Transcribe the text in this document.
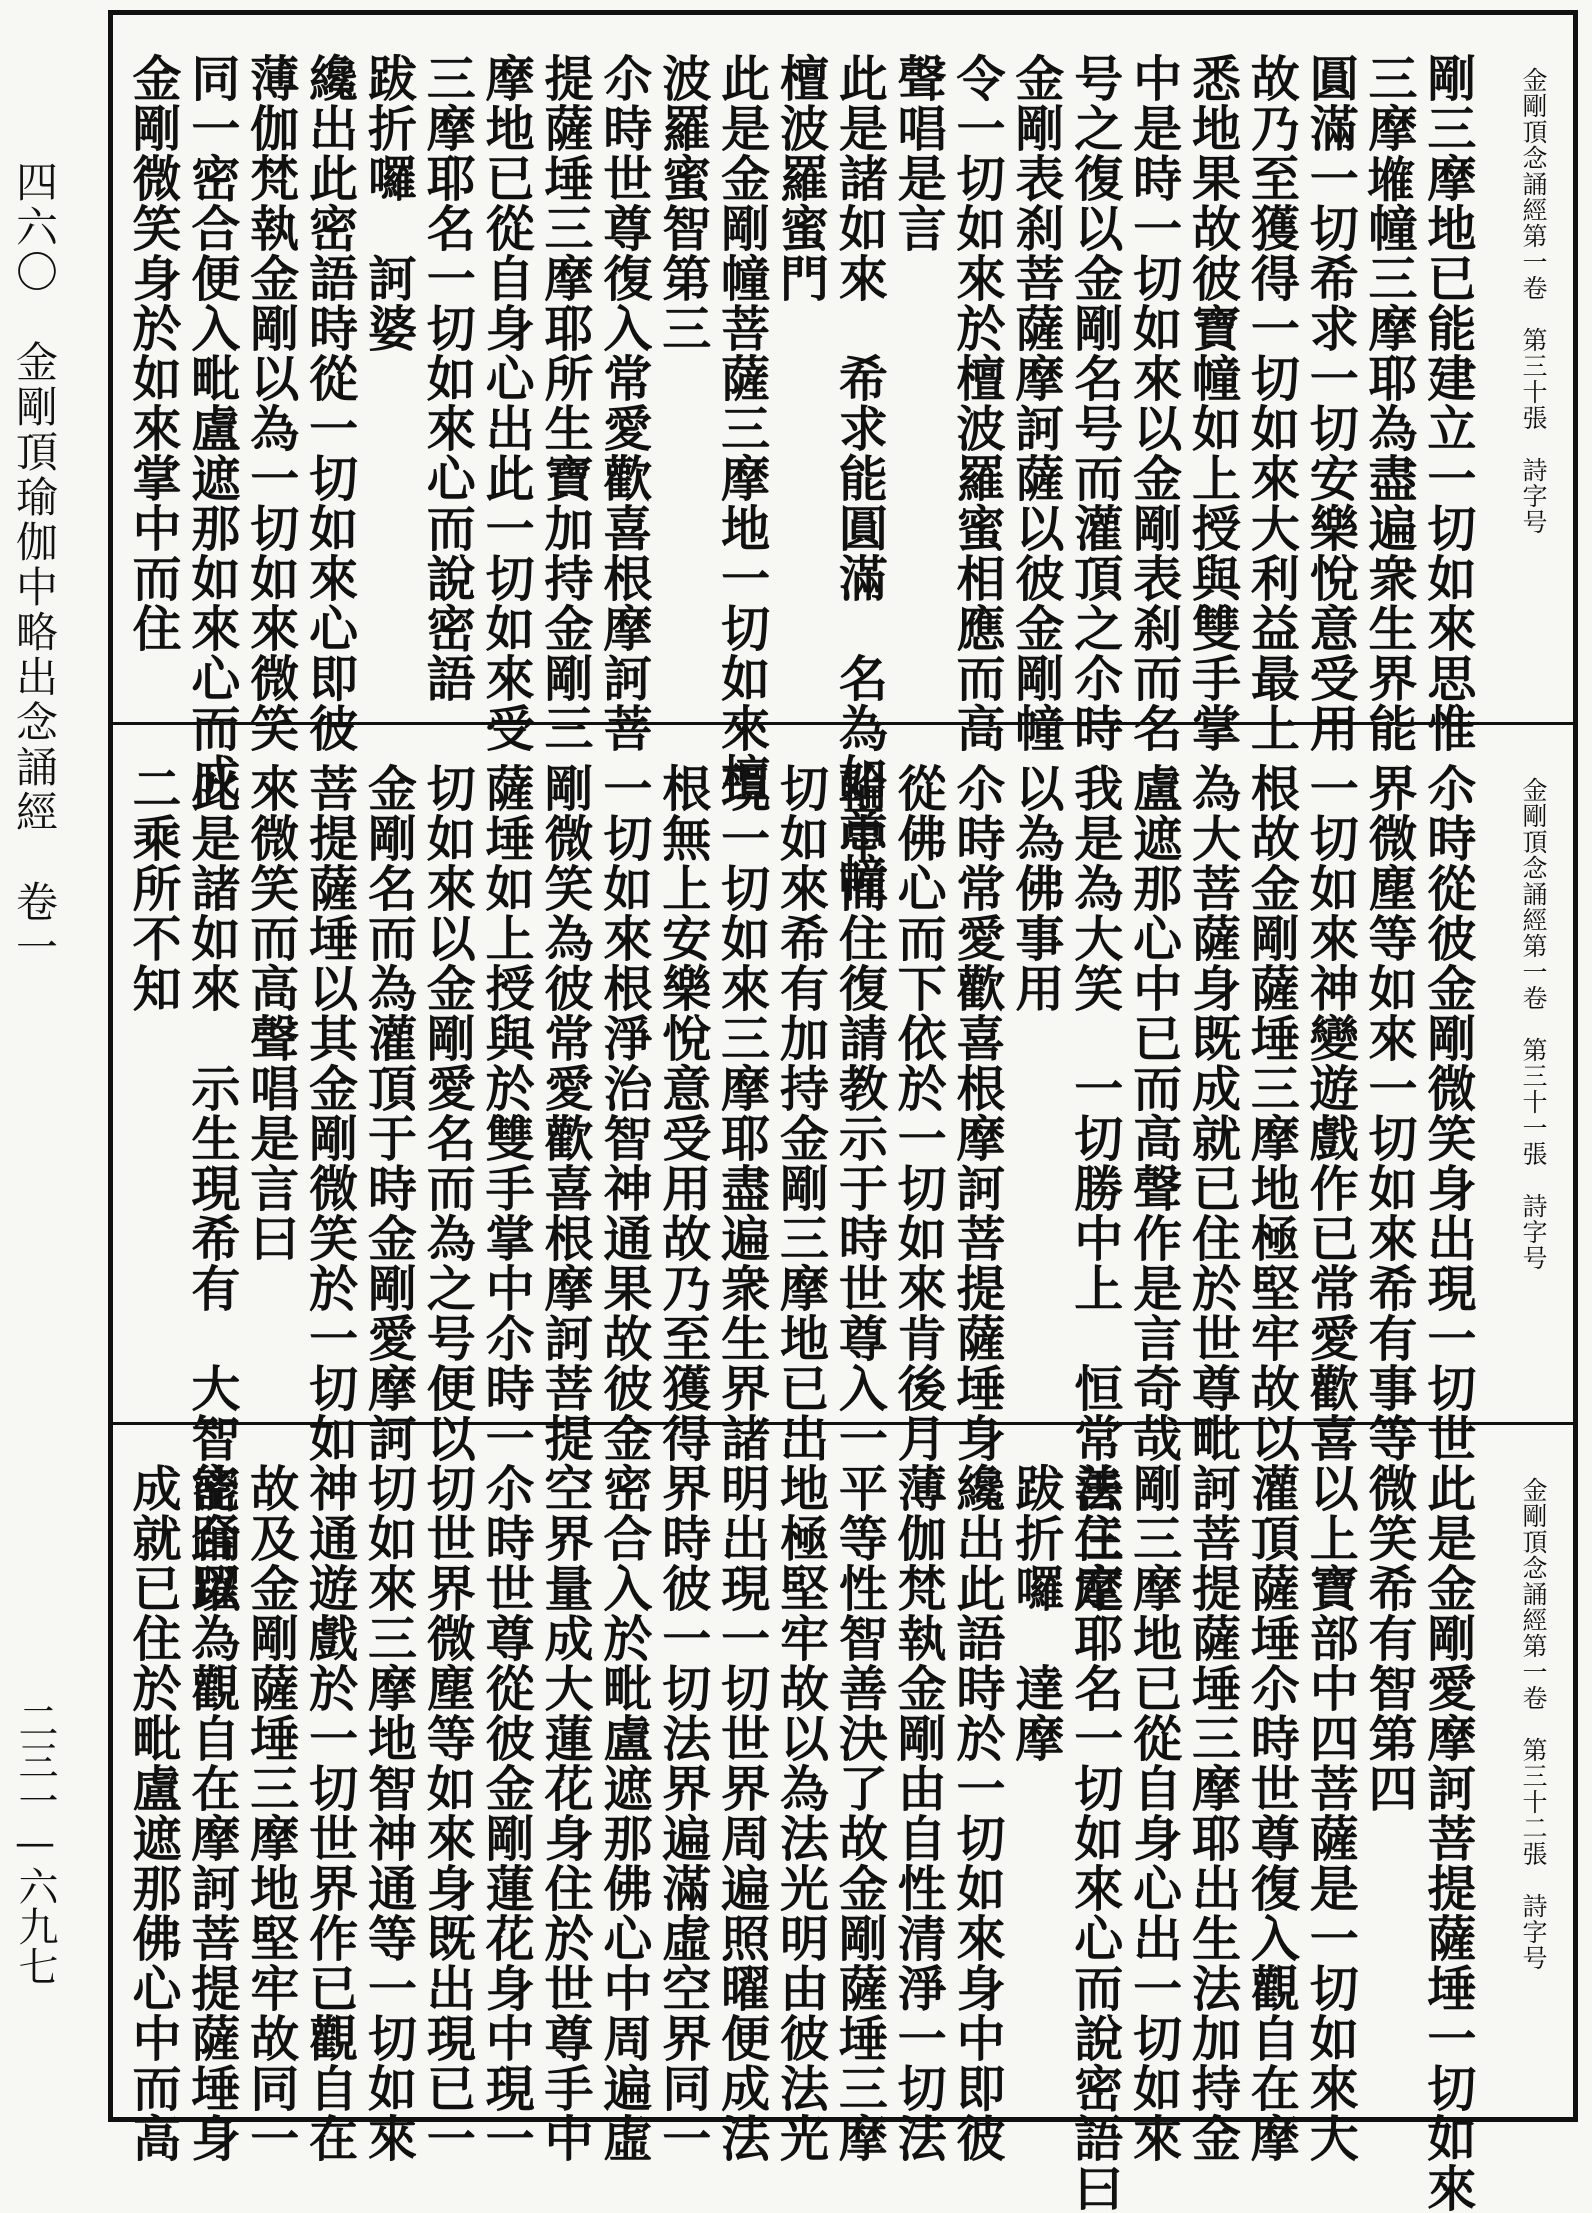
四六〇　金剛頂瑜伽中略出念誦經　卷一
二三一—六九七
金剛頂念誦經第一卷　第三十張　詩字号
剛三摩地已能建立一切如來思惟
三摩𡑗幢三摩耶為盡遍衆生界能
圓滿一切希求一切安樂悅意受用
故乃至獲得一切如來大利益最上
悉地果故彼寶幢如上授與雙手掌
中是時一切如來以金剛表刹而名
号之復以金剛名号而灌頂之尒時
金剛表刹菩薩摩訶薩以彼金剛幢
令一切如來於檀波羅蜜相應而高
聲唱是言
此是諸如來　希求能圓滿　名為如意幢
檀波羅蜜門
此是金剛幢菩薩三摩地一切如來檀
波羅蜜智第三
尒時世尊復入常愛歡喜根摩訶菩
提薩埵三摩耶所生寶加持金剛三
摩地已從自身心出此一切如來受
三摩耶名一切如來心而說密語
跋折囉　訶婆
纔出此密語時從一切如來心即彼
薄伽梵執金剛以為一切如來微笑
同一密合便入毗盧遮那如來心而成
金剛微笑身於如來掌中而住
金剛頂念誦經第一卷　第三十一張　詩字号
尒時從彼金剛微笑身出現一切世
界微塵等如來一切如來希有事等
一切如來神變遊戲作已常愛歡喜
根故金剛薩埵三摩地極堅牢故以
為大菩薩身既成就已住於世尊毗
盧遮那心中已而高聲作是言奇哉
我是為大笑　一切勝中上　恒常善住定
以為佛事用
尒時常愛歡喜根摩訶菩提薩埵身
從佛心而下依於一切如來肯後月
輪中而住復請教示于時世尊入一
切如來希有加持金剛三摩地已出
現一切如來三摩耶盡遍衆生界諸
根無上安樂悅意受用故乃至獲得
一切如來根淨治智神通果故彼金
剛微笑為彼常愛歡喜根摩訶菩提
薩埵如上授與於雙手掌中尒時一
切如來以金剛愛名而為之号便以
金剛名而為灌頂于時金剛愛摩訶
菩提薩埵以其金剛微笑於一切如
來微笑而高聲唱是言曰
此是諸如來　示生現希有　大智能踊躍
二乘所不知
金剛頂念誦經第一卷　第三十二張　詩字号
此是金剛愛摩訶菩提薩埵一切如來
微笑希有智第四
以上寶部中四菩薩是一切如來大
灌頂薩埵尒時世尊復入觀自在摩
訶菩提薩埵三摩耶出生法加持金
剛三摩地已從自身心出一切如來
法三摩耶名一切如來心而說密語曰
跋折囉　達摩
纔出此語時於一切如來身中即彼
薄伽梵執金剛由自性清淨一切法
平等性智善決了故金剛薩埵三摩
地極堅牢故以為法光明由彼法光
明出現一切世界周遍照曜便成法
界時彼一切法界遍滿虛空界同一
密合入於毗盧遮那佛心中周遍虛
空界量成大蓮花身住於世尊手中
尒時世尊從彼金剛蓮花身中現一
切世界微塵等如來身既出現已一
切如來三摩地智神通等一切如來
神通遊戲於一切世界作已觀自在
故及金剛薩埵三摩地堅牢故同一
密合以為觀自在摩訶菩提薩埵身
成就已住於毗盧遮那佛心中而高
